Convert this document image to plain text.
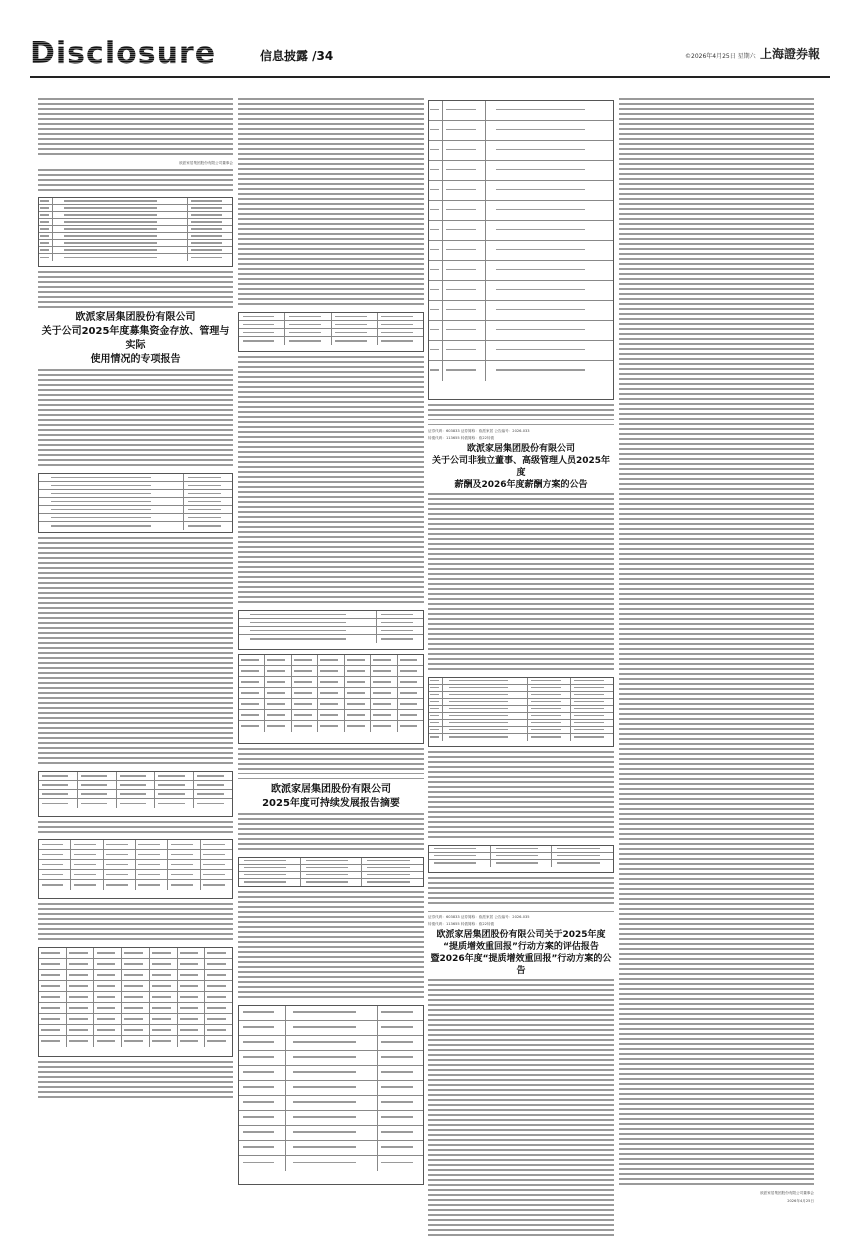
Disclosure	信息披露 /34	©2026年4月25日 星期六 上海證券報
欧派家居集团股份有限公司董事会
欧派家居集团股份有限公司
关于公司2025年度募集资金存放、管理与实际
使用情况的专项报告
欧派家居集团股份有限公司
2025年度可持续发展报告摘要
证券代码：603833 证券简称：欧派家居 公告编号：2026-033
转债代码：113655 转债简称：欧22转债
欧派家居集团股份有限公司
关于公司非独立董事、高级管理人员2025年度
薪酬及2026年度薪酬方案的公告
证券代码：603833 证券简称：欧派家居 公告编号：2026-035
转债代码：113655 转债简称：欧22转债
欧派家居集团股份有限公司关于2025年度
“提质增效重回报”行动方案的评估报告
暨2026年度“提质增效重回报”行动方案的公告
欧派家居集团股份有限公司董事会
2026年4月25日
